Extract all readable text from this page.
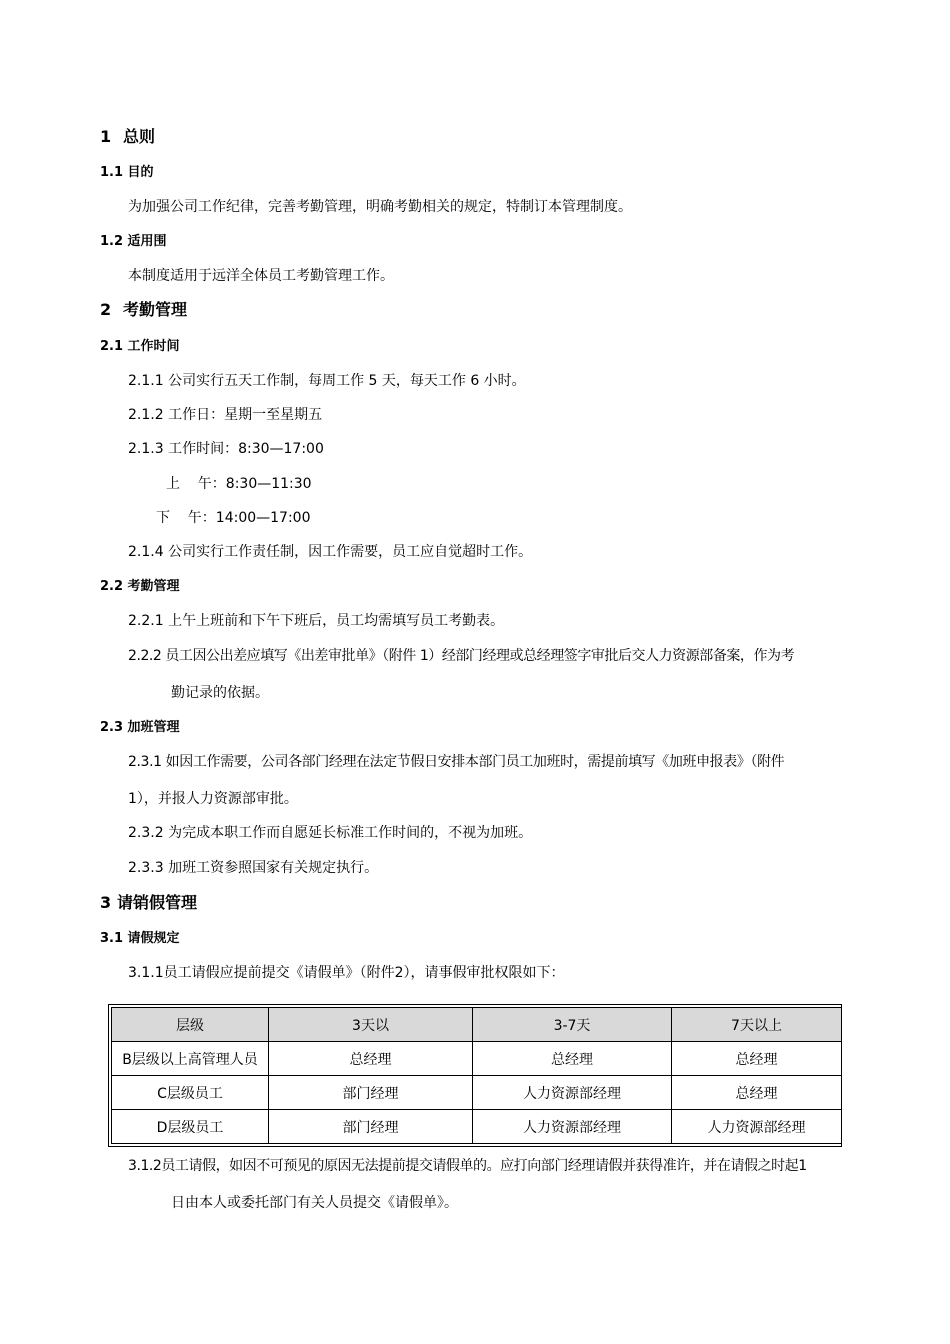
1 总则
1.1 目的
为加强公司工作纪律，完善考勤管理，明确考勤相关的规定，特制订本管理制度。
1.2 适用围
本制度适用于远洋全体员工考勤管理工作。
2 考勤管理
2.1 工作时间
2.1.1 公司实行五天工作制，每周工作 5 天，每天工作 6 小时。
2.1.2 工作日：星期一至星期五
2.1.3 工作时间：8:30—17:00
上    午：8:30—11:30
下    午：14:00—17:00
2.1.4 公司实行工作责任制，因工作需要，员工应自觉超时工作。
2.2 考勤管理
2.2.1 上午上班前和下午下班后，员工均需填写员工考勤表。
2.2.2 员工因公出差应填写《出差审批单》（附件 1）经部门经理或总经理签字审批后交人力资源部备案，作为考
勤记录的依据。
2.3 加班管理
2.3.1 如因工作需要，公司各部门经理在法定节假日安排本部门员工加班时，需提前填写《加班申报表》（附件
1），并报人力资源部审批。
2.3.2 为完成本职工作而自愿延长标准工作时间的，不视为加班。
2.3.3 加班工资参照国家有关规定执行。
3 请销假管理
3.1 请假规定
3.1.1员工请假应提前提交《请假单》（附件2），请事假审批权限如下：
层级	3天以	3-7天	7天以上
B层级以上高管理人员	总经理	总经理	总经理
C层级员工	部门经理	人力资源部经理	总经理
D层级员工	部门经理	人力资源部经理	人力资源部经理
3.1.2员工请假，如因不可预见的原因无法提前提交请假单的。应打向部门经理请假并获得准许，并在请假之时起1
日由本人或委托部门有关人员提交《请假单》。
